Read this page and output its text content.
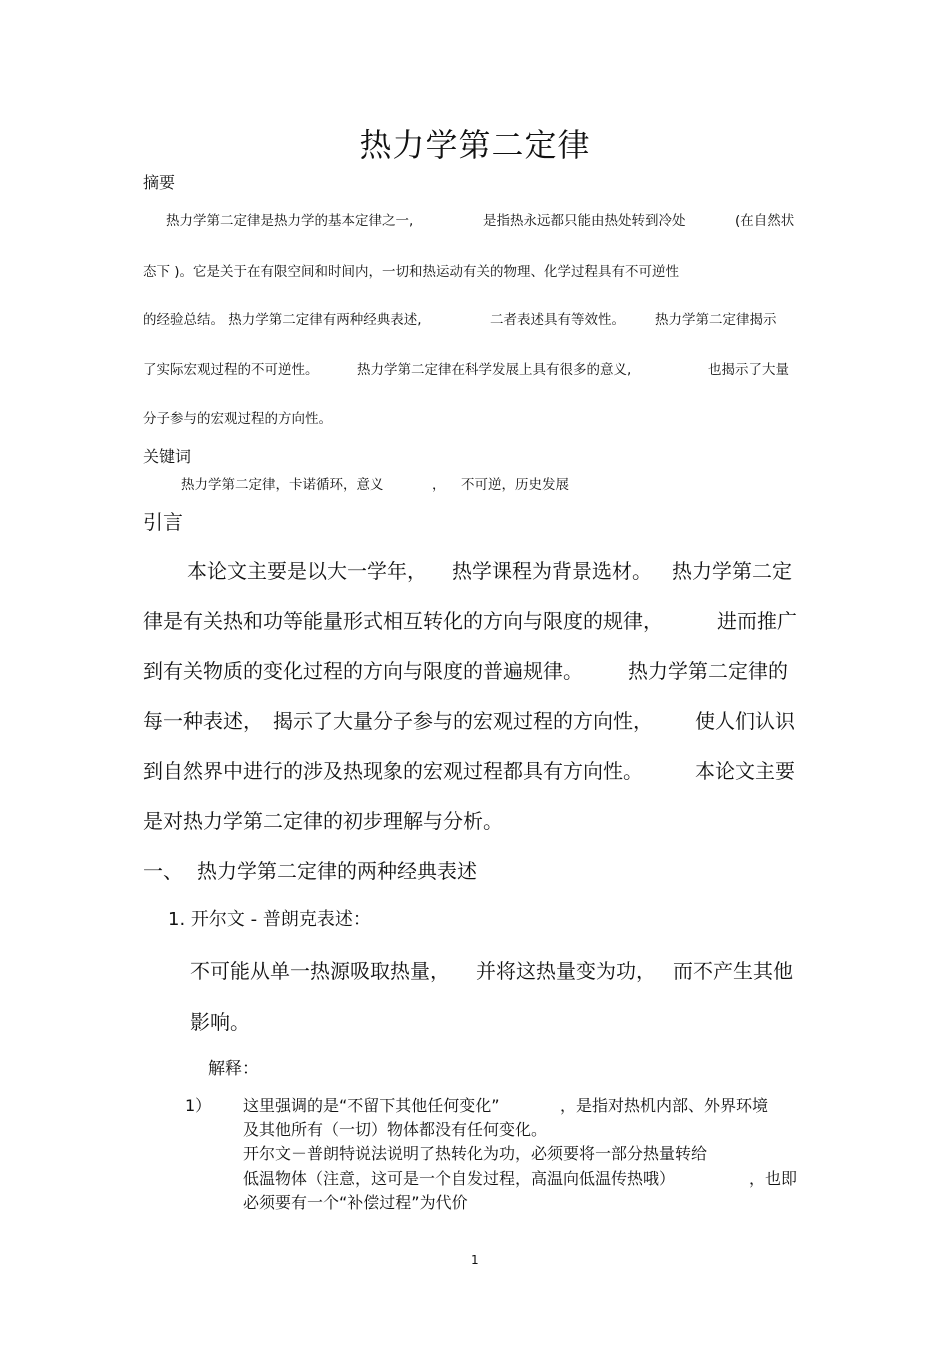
热力学第二定律
摘要
热力学第二定律是热力学的基本定律之一,	是指热永远都只能由热处转到冷处	(在自然状
态下 )。它是关于在有限空间和时间内，一切和热运动有关的物理、化学过程具有不可逆性
的经验总结。 热力学第二定律有两种经典表述,	二者表述具有等效性。 热力学第二定律揭示
了实际宏观过程的不可逆性。	热力学第二定律在科学发展上具有很多的意义,	也揭示了大量
分子参与的宏观过程的方向性。
关键词
热力学第二定律，卡诺循环，意义	， 不可逆，历史发展
引言
本论文主要是以大一学年， 热学课程为背景选材。 热力学第二定
律是有关热和功等能量形式相互转化的方向与限度的规律，	进而推广
到有关物质的变化过程的方向与限度的普遍规律。 热力学第二定律的
每一种表述， 揭示了大量分子参与的宏观过程的方向性， 使人们认识
到自然界中进行的涉及热现象的宏观过程都具有方向性。	本论文主要
是对热力学第二定律的初步理解与分析。
一、 热力学第二定律的两种经典表述
1. 开尔文 - 普朗克表述：
不可能从单一热源吸取热量， 并将这热量变为功， 而不产生其他
影响。
解释：
1） 这里强调的是“不留下其他任何变化”	，是指对热机内部、外界环境
及其他所有（一切）物体都没有任何变化。
开尔文－普朗特说法说明了热转化为功，必须要将一部分热量转给
低温物体（注意，这可是一个自发过程，高温向低温传热哦）	，也即
必须要有一个“补偿过程”为代价
1
